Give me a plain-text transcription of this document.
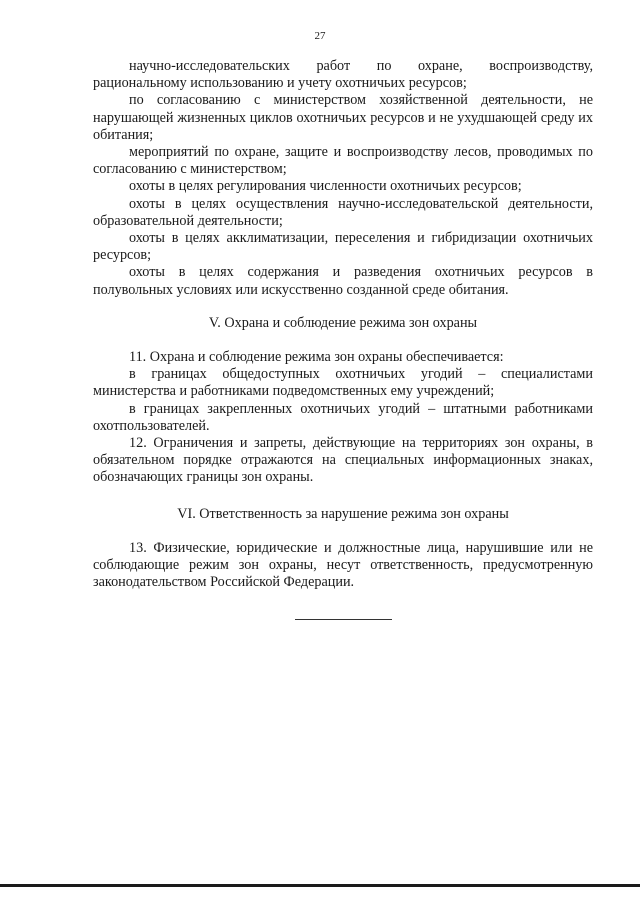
27

научно-исследовательских работ по охране, воспроизводству, рациональному использованию и учету охотничьих ресурсов;

по согласованию с министерством хозяйственной деятельности, не нарушающей жизненных циклов охотничьих ресурсов и не ухудшающей среду их обитания;

мероприятий по охране, защите и воспроизводству лесов, проводимых по согласованию с министерством;

охоты в целях регулирования численности охотничьих ресурсов;

охоты в целях осуществления научно-исследовательской деятельности, образовательной деятельности;

охоты в целях акклиматизации, переселения и гибридизации охотничьих ресурсов;

охоты в целях содержания и разведения охотничьих ресурсов в полувольных условиях или искусственно созданной среде обитания.

V. Охрана и соблюдение режима зон охраны

11. Охрана и соблюдение режима зон охраны обеспечивается:

в границах общедоступных охотничьих угодий – специалистами министерства и работниками подведомственных ему учреждений;

в границах закрепленных охотничьих угодий – штатными работниками охотпользователей.

12. Ограничения и запреты, действующие на территориях зон охраны, в обязательном порядке отражаются на специальных информационных знаках, обозначающих границы зон охраны.

VI. Ответственность за нарушение режима зон охраны

13. Физические, юридические и должностные лица, нарушившие или не соблюдающие режим зон охраны, несут ответственность, предусмотренную законодательством Российской Федерации.
